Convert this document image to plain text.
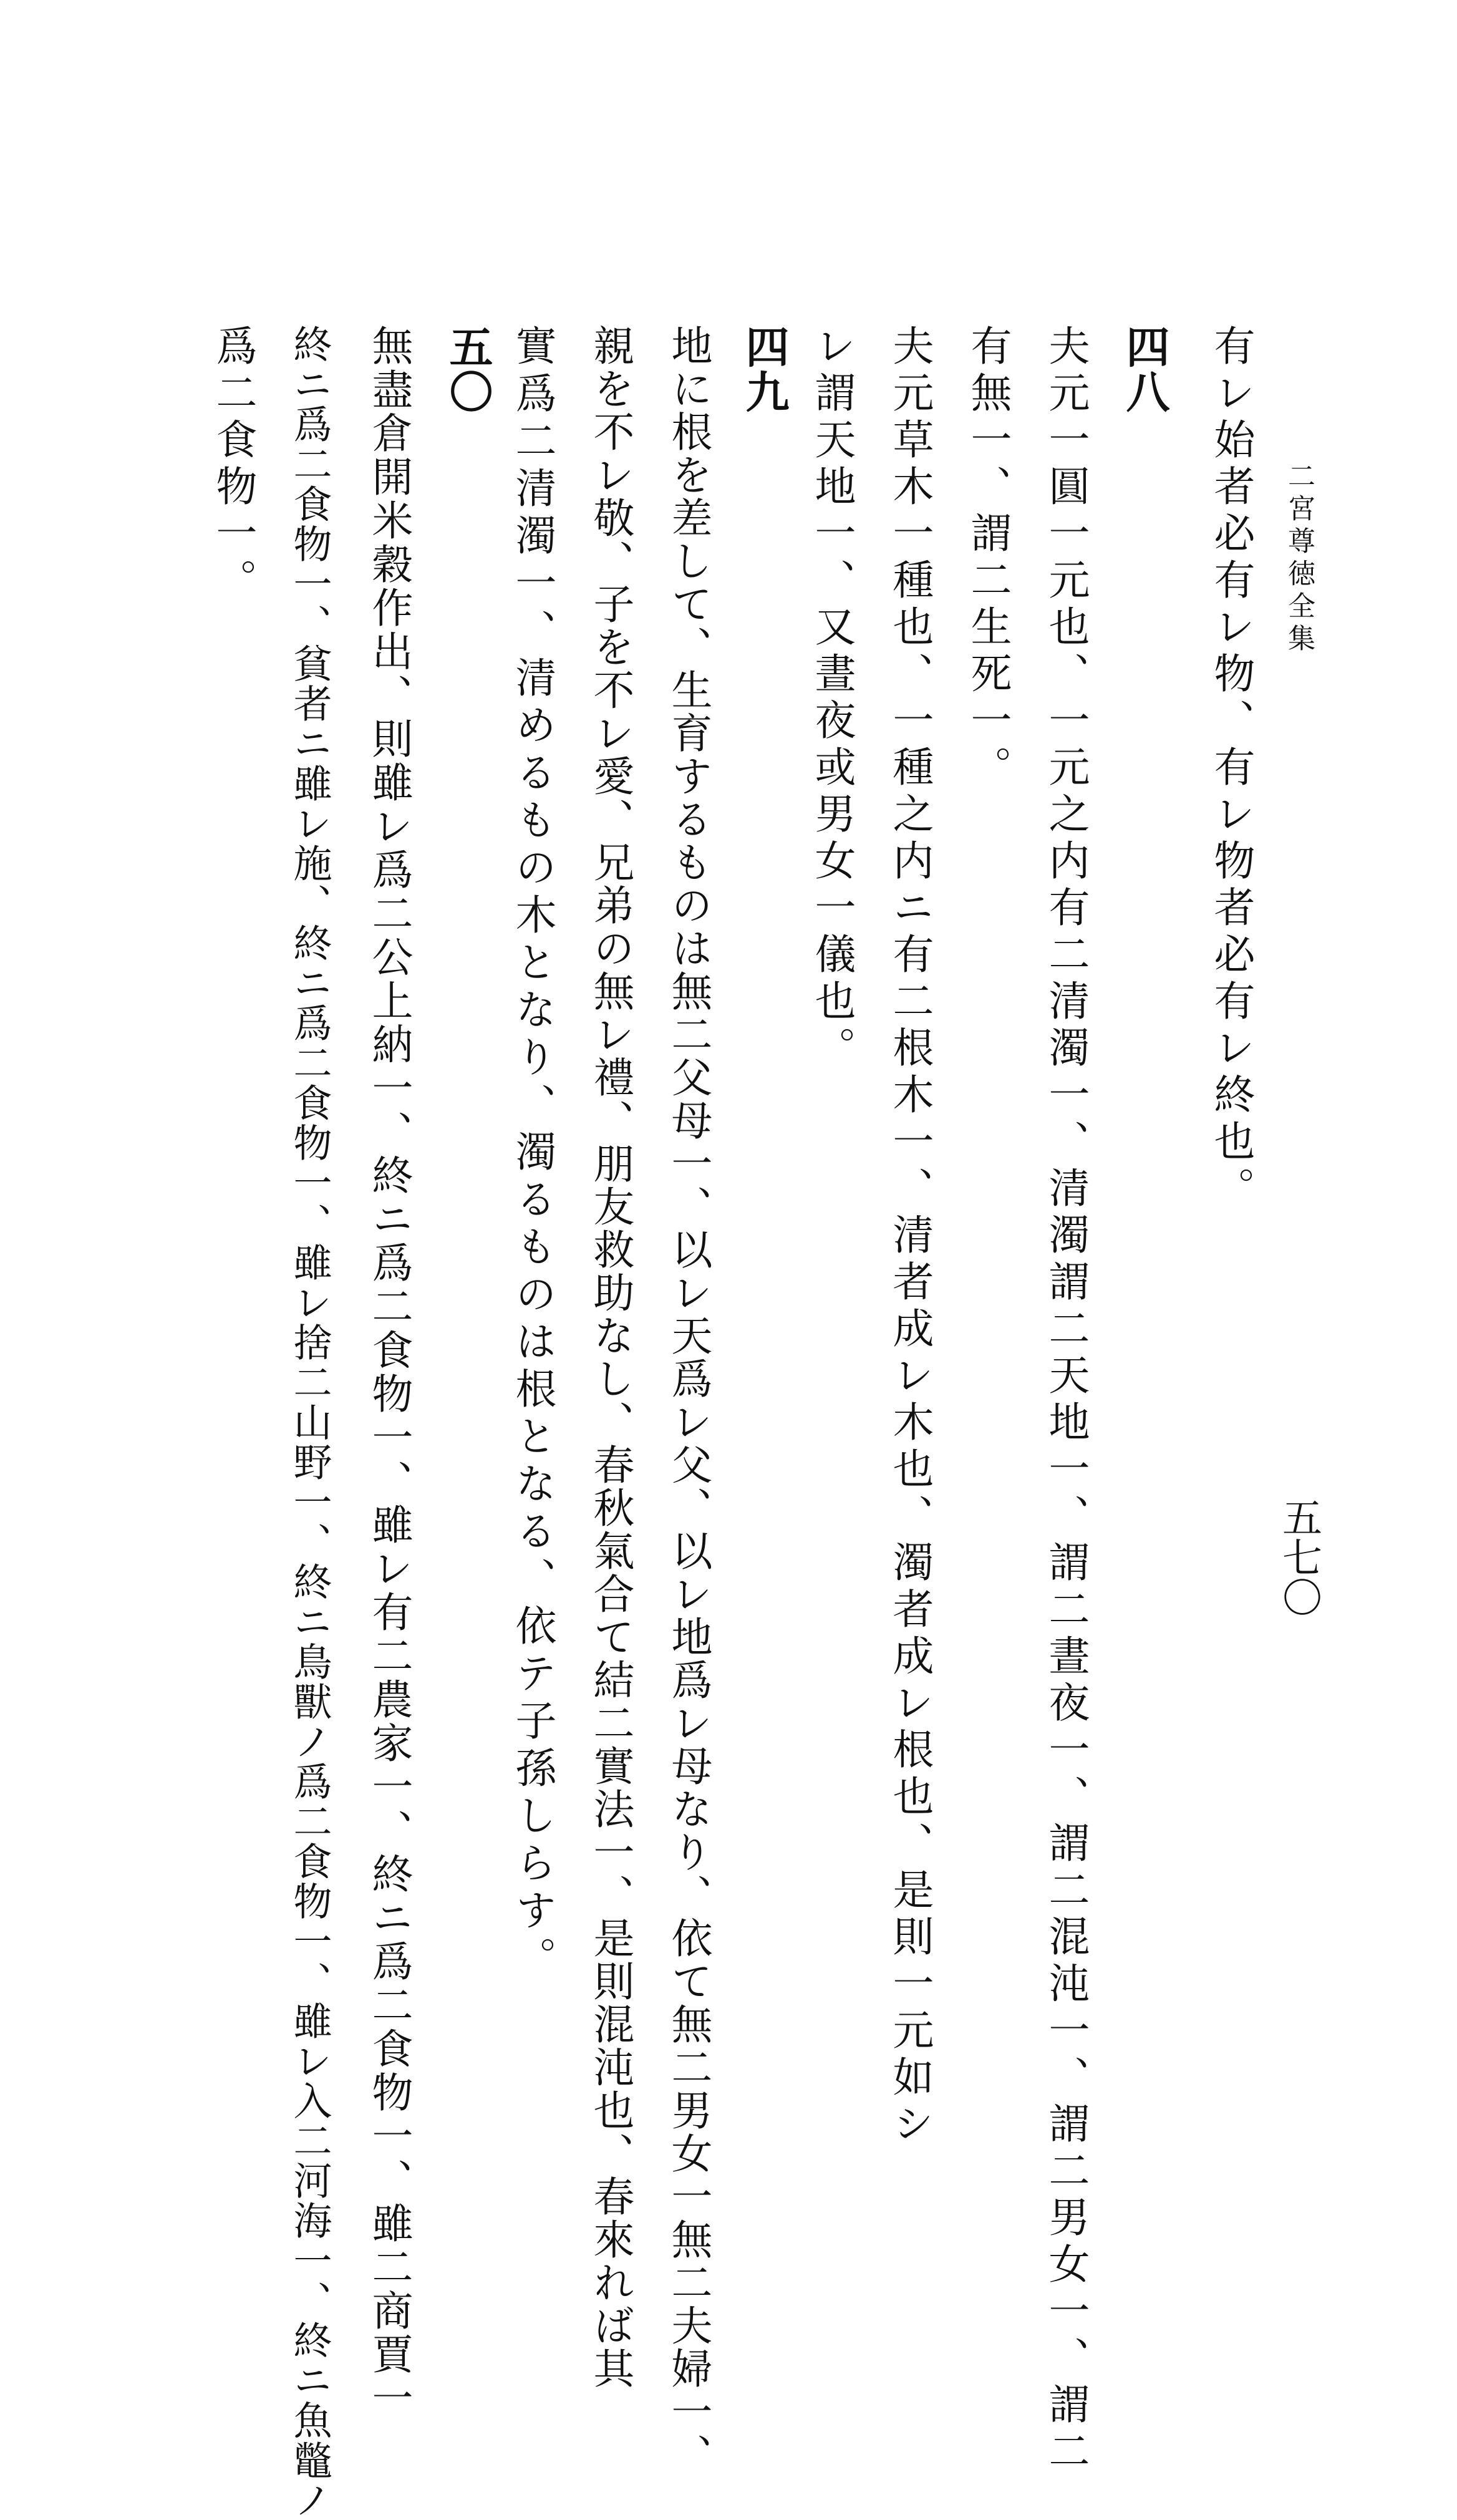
二宮尊徳全集
五七〇
有レ始者必有レ物、有レ物者必有レ終也。
四八
夫元一圓一元也、一元之内有二清濁一、清濁謂二天地一、謂二晝夜一、謂二混沌一、謂二男女一、謂二
有無一、謂二生死一。
夫元草木一種也、一種之内ニ有二根木一、清者成レ木也、濁者成レ根也、是則一元如シ
レ謂天地一、又晝夜或男女一儀也。
四九
地に根を差して、生育するものは無二父母一、以レ天爲レ父、以レ地爲レ母なり、依て無二男女一無二夫婦一、
親を不レ敬、子を不レ愛、兄弟の無レ禮、朋友救助なし、春秋氣合て結二實法一、是則混沌也、春來れば其
實爲二清濁一、清めるもの木となり、濁るものは根となる、依テ子孫しらす。
五〇
無盡倉開米穀作出、則雖レ爲二公上納一、終ニ爲二食物一、雖レ有二農家一、終ニ爲二食物一、雖二商賈一
終ニ爲二食物一、貧者ニ雖レ施、終ニ爲二食物一、雖レ捨二山野一、終ニ鳥獸ノ爲二食物一、雖レ入二河海一、終ニ魚鼈ノ
爲二食物一。
